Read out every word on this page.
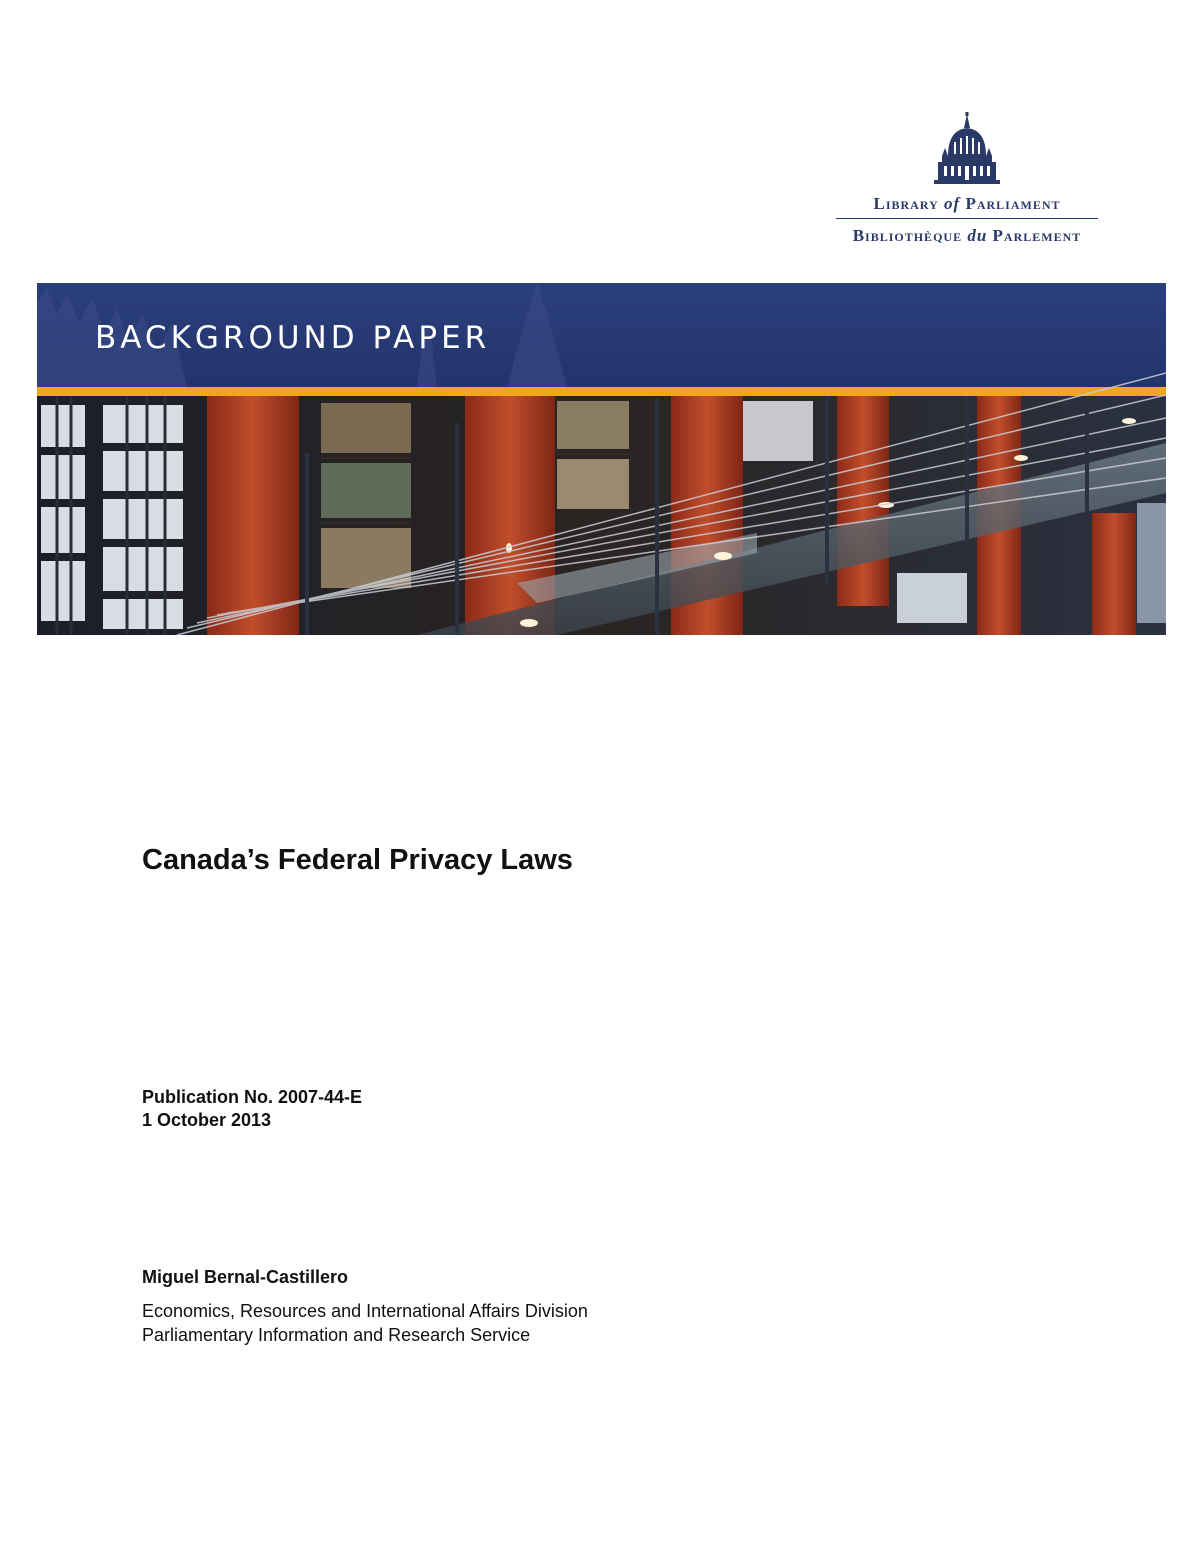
Library of Parliament
Bibliothèque du Parlement
BACKGROUND PAPER
Canada’s Federal Privacy Laws
Publication No. 2007-44-E
1 October 2013
Miguel Bernal-Castillero
Economics, Resources and International Affairs Division
Parliamentary Information and Research Service
